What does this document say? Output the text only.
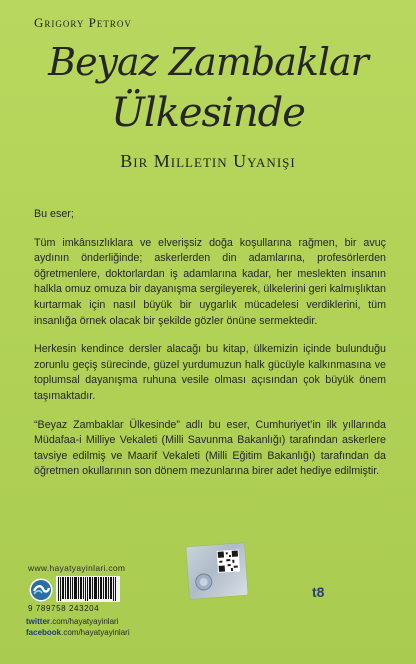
Grigory Petrov
Beyaz Zambaklar
Ülkesinde
Bir Milletin Uyanışı

Bu eser;

Tüm imkânsızlıklara ve elverişsiz doğa koşullarına rağmen, bir avuç aydının önderliğinde; askerlerden din adamlarına, profesörlerden öğretmenlere, doktorlardan iş adamlarına kadar, her meslekten insanın halkla omuz omuza bir dayanışma sergileyerek, ülkelerini geri kalmışlıktan kurtarmak için nasıl büyük bir uygarlık mücadelesi verdiklerini, tüm insanlığa örnek olacak bir şekilde gözler önüne sermektedir.

Herkesin kendince dersler alacağı bu kitap, ülkemizin içinde bulunduğu zorunlu geçiş sürecinde, güzel yurdumuzun halk gücüyle kalkınmasına ve toplumsal dayanışma ruhuna vesile olması açısından çok büyük önem taşımaktadır.

“Beyaz Zambaklar Ülkesinde” adlı bu eser, Cumhuriyet’in ilk yıllarında Müdafaa-i Milliye Vekaleti (Milli Savunma Bakanlığı) tarafından askerlere tavsiye edilmiş ve Maarif Vekaleti (Milli Eğitim Bakanlığı) tarafından da öğretmen okullarının son dönem mezunlarına birer adet hediye edilmiştir.

www.hayatyayinlari.com
9 789758 243204
twitter.com/hayatyayinlari
facebook.com/hayatyayinlari
t8
